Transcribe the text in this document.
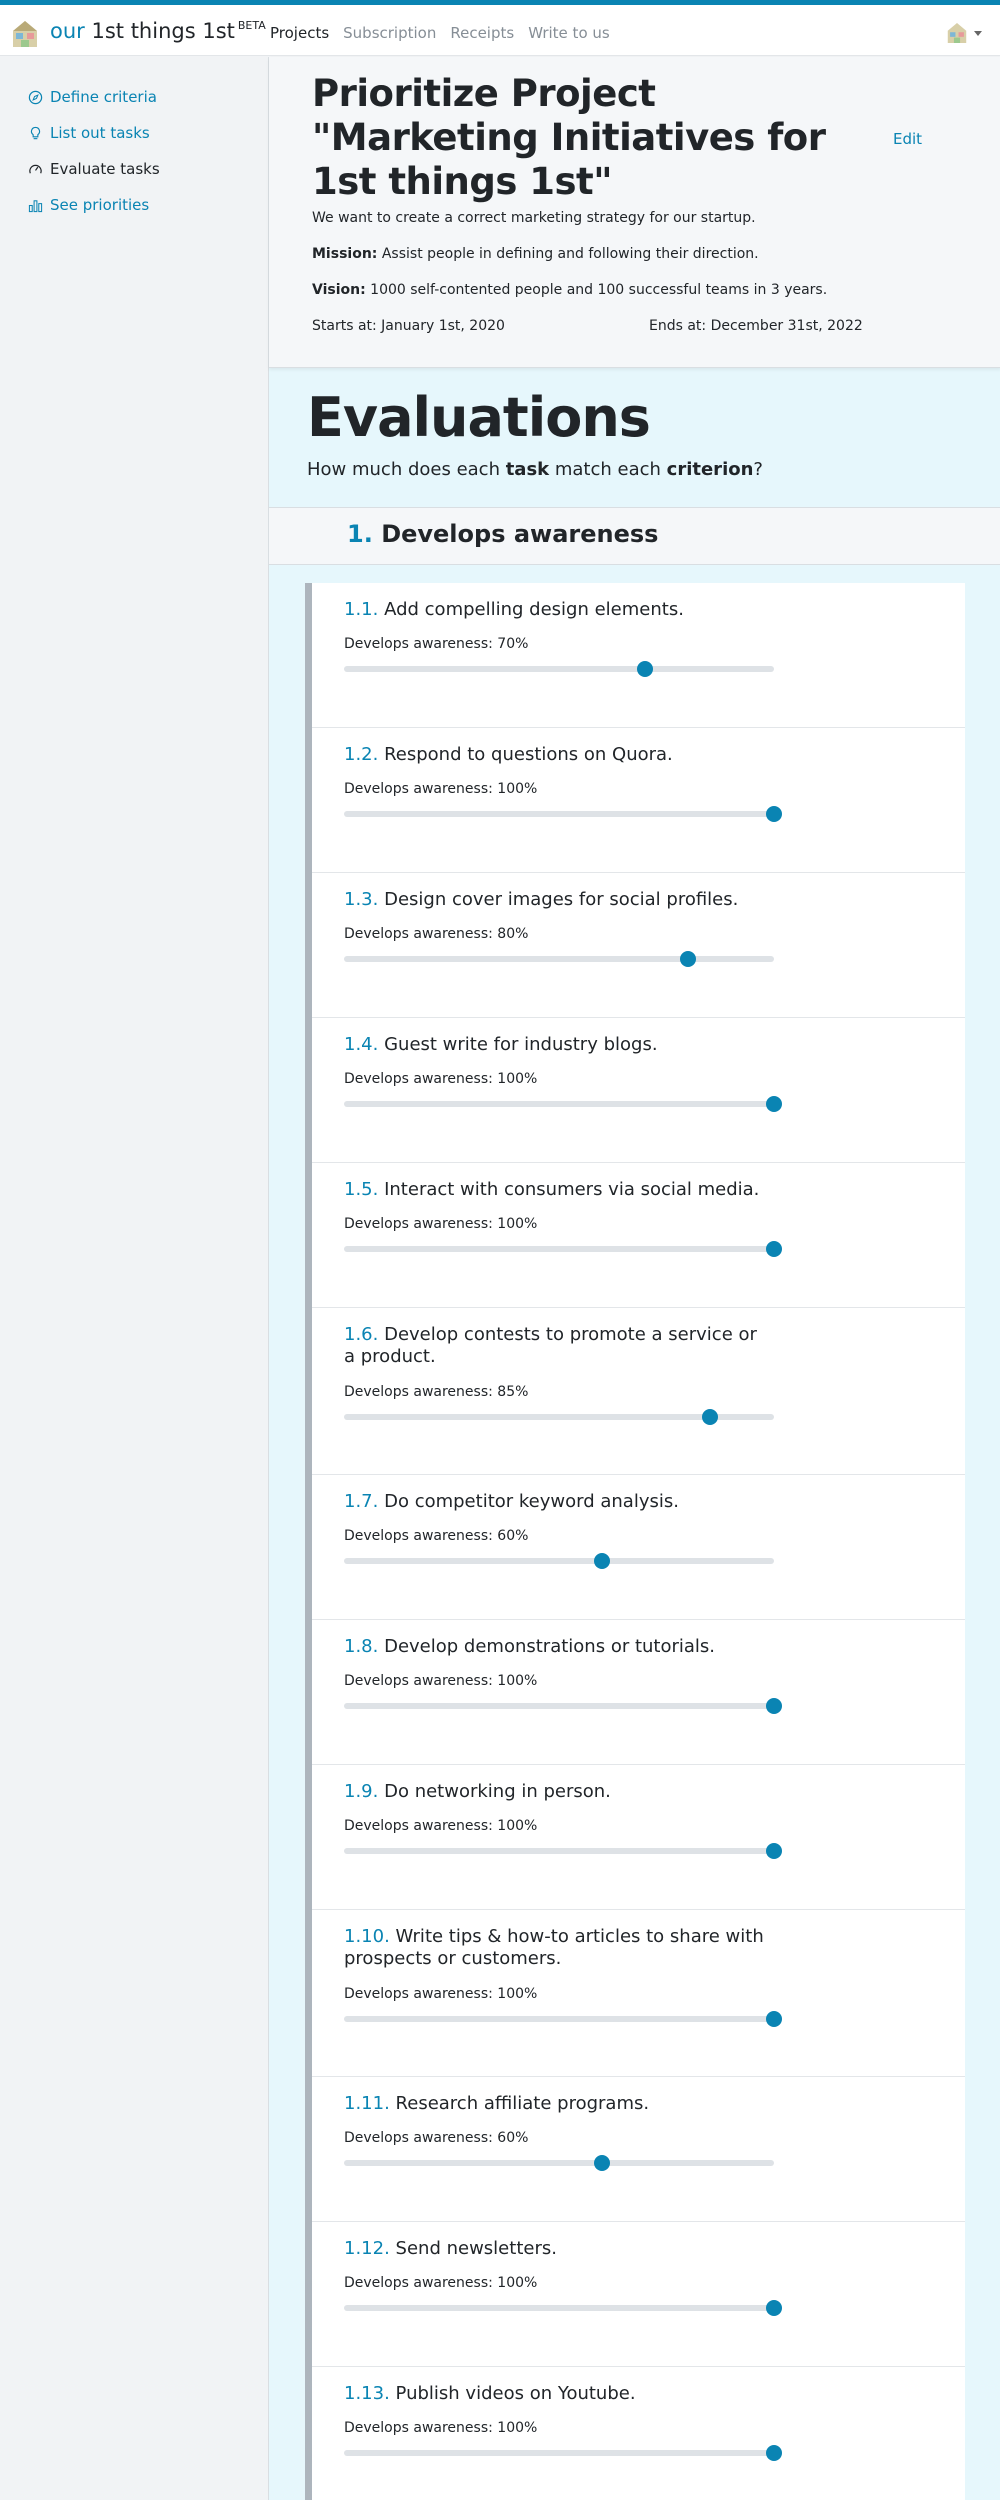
our 1st things 1st $^{BETA}$ Projects Subscription Receipts Write to us
Define criteria
List out tasks
Evaluate tasks
See priorities
Prioritize Project "Marketing Initiatives for 1st things 1st"
Edit
We want to create a correct marketing strategy for our startup.
Mission: Assist people in defining and following their direction.
Vision: 1000 self-contented people and 100 successful teams in 3 years.
Starts at: January 1st, 2020	Ends at: December 31st, 2022
Evaluations
How much does each task match each criterion?
1. Develops awareness
1.1. Add compelling design elements.
Develops awareness: 70%
1.2. Respond to questions on Quora.
Develops awareness: 100%
1.3. Design cover images for social profiles.
Develops awareness: 80%
1.4. Guest write for industry blogs.
Develops awareness: 100%
1.5. Interact with consumers via social media.
Develops awareness: 100%
1.6. Develop contests to promote a service or a product.
Develops awareness: 85%
1.7. Do competitor keyword analysis.
Develops awareness: 60%
1.8. Develop demonstrations or tutorials.
Develops awareness: 100%
1.9. Do networking in person.
Develops awareness: 100%
1.10. Write tips & how-to articles to share with prospects or customers.
Develops awareness: 100%
1.11. Research affiliate programs.
Develops awareness: 60%
1.12. Send newsletters.
Develops awareness: 100%
1.13. Publish videos on Youtube.
Develops awareness: 100%
